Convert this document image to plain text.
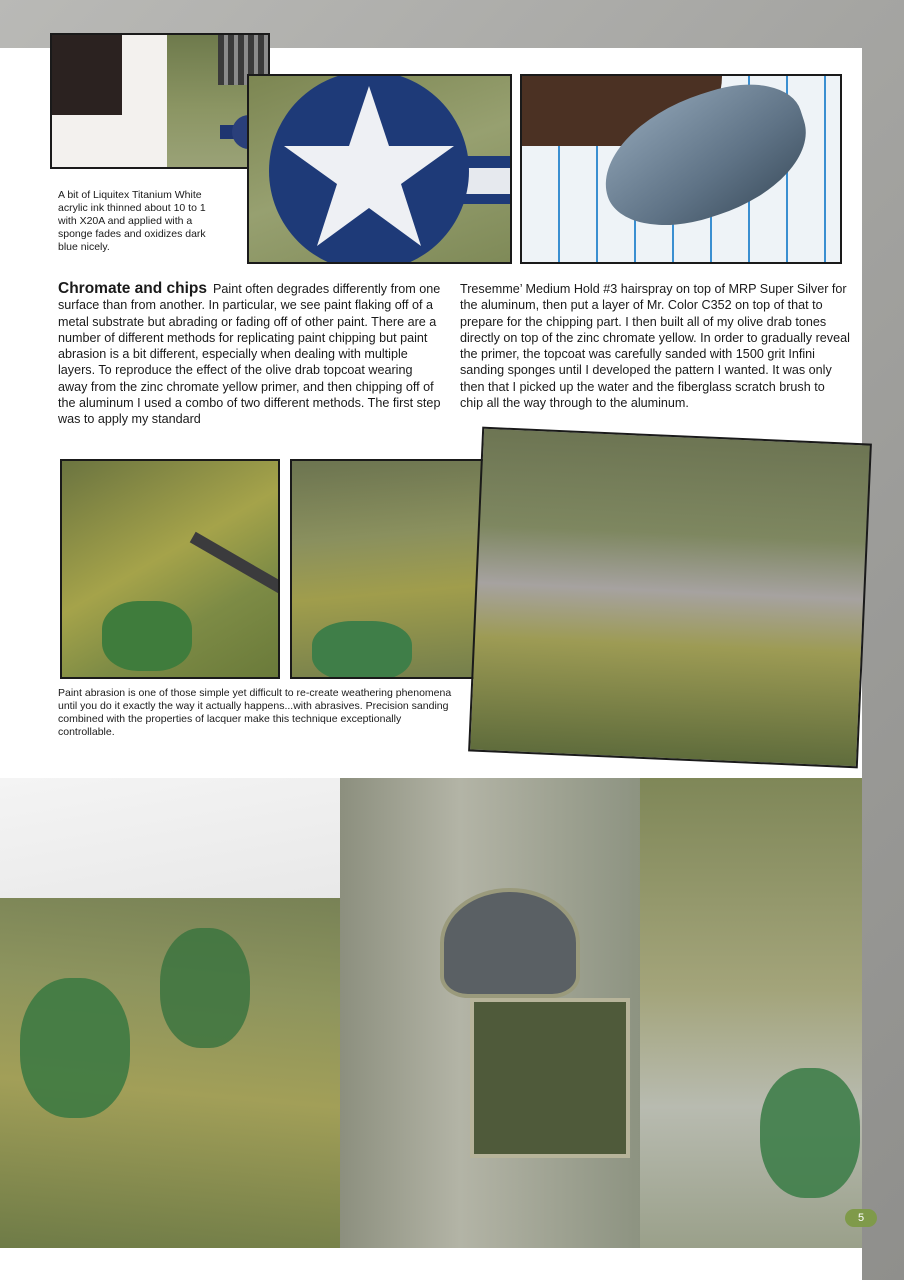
A bit of Liquitex Titanium White acrylic ink thinned about 10 to 1 with X20A and applied with a sponge fades and oxidizes dark blue nicely.
Chromate and chips Paint often degrades differently from one surface than from another. In particular, we see paint flaking off of a metal substrate but abrading or fading off of other paint. There are a number of different methods for replicating paint chipping but paint abrasion is a bit different, especially when dealing with multiple layers. To reproduce the effect of the olive drab topcoat wearing away from the zinc chromate yellow primer, and then chipping off of the aluminum I used a combo of two different methods. The first step was to apply my standard
Tresemme’ Medium Hold #3 hairspray on top of MRP Super Silver for the aluminum, then put a layer of Mr. Color C352 on top of that to prepare for the chipping part. I then built all of my olive drab tones directly on top of the zinc chromate yellow. In order to gradually reveal the primer, the topcoat was carefully sanded with 1500 grit Infini sanding sponges until I developed the pattern I wanted. It was only then that I picked up the water and the fiberglass scratch brush to chip all the way through to the aluminum.
Paint abrasion is one of those simple yet difficult to re-create weathering phenomena until you do it exactly the way it actually happens...with abrasives. Precision sanding combined with the properties of lacquer make this technique exceptionally controllable.
5
